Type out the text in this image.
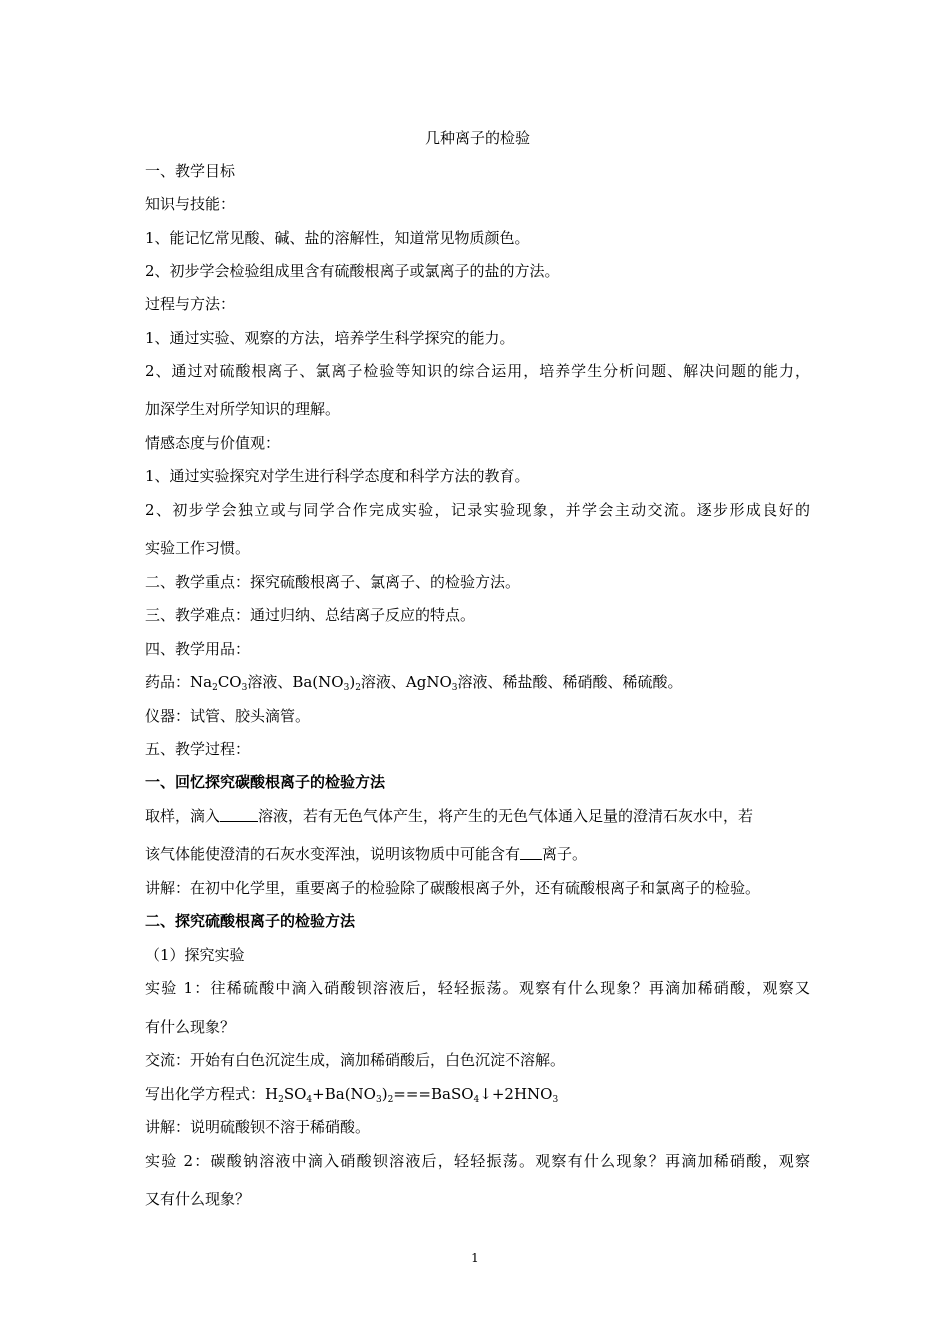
几种离子的检验
一、教学目标
知识与技能：
1、能记忆常见酸、碱、盐的溶解性，知道常见物质颜色。
2、初步学会检验组成里含有硫酸根离子或氯离子的盐的方法。
过程与方法：
1、通过实验、观察的方法，培养学生科学探究的能力。
2、通过对硫酸根离子、氯离子检验等知识的综合运用，培养学生分析问题、解决问题的能力，
加深学生对所学知识的理解。
情感态度与价值观：
1、通过实验探究对学生进行科学态度和科学方法的教育。
2、初步学会独立或与同学合作完成实验，记录实验现象，并学会主动交流。逐步形成良好的
实验工作习惯。
二、教学重点：探究硫酸根离子、氯离子、的检验方法。
三、教学难点：通过归纳、总结离子反应的特点。
四、教学用品：
药品：$Na_2CO_3$溶液、$Ba(NO_3)_2$溶液、AgNO$_3$溶液、稀盐酸、稀硝酸、稀硫酸。
仪器：试管、胶头滴管。
五、教学过程：
一、回忆探究碳酸根离子的检验方法
取样，滴入	溶液，若有无色气体产生，将产生的无色气体通入足量的澄清石灰水中，若
该气体能使澄清的石灰水变浑浊，说明该物质中可能含有 离子。
讲解：在初中化学里，重要离子的检验除了碳酸根离子外，还有硫酸根离子和氯离子的检验。
二、探究硫酸根离子的检验方法
（1）探究实验
实验 1：往稀硫酸中滴入硝酸钡溶液后，轻轻振荡。观察有什么现象？再滴加稀硝酸，观察又
有什么现象？
交流：开始有白色沉淀生成，滴加稀硝酸后，白色沉淀不溶解。
写出化学方程式：$H_2SO_4+Ba(NO_3)_2===BaSO_4↓+2HNO_3$
讲解：说明硫酸钡不溶于稀硝酸。
实验 2：碳酸钠溶液中滴入硝酸钡溶液后，轻轻振荡。观察有什么现象？再滴加稀硝酸，观察
又有什么现象？
1
